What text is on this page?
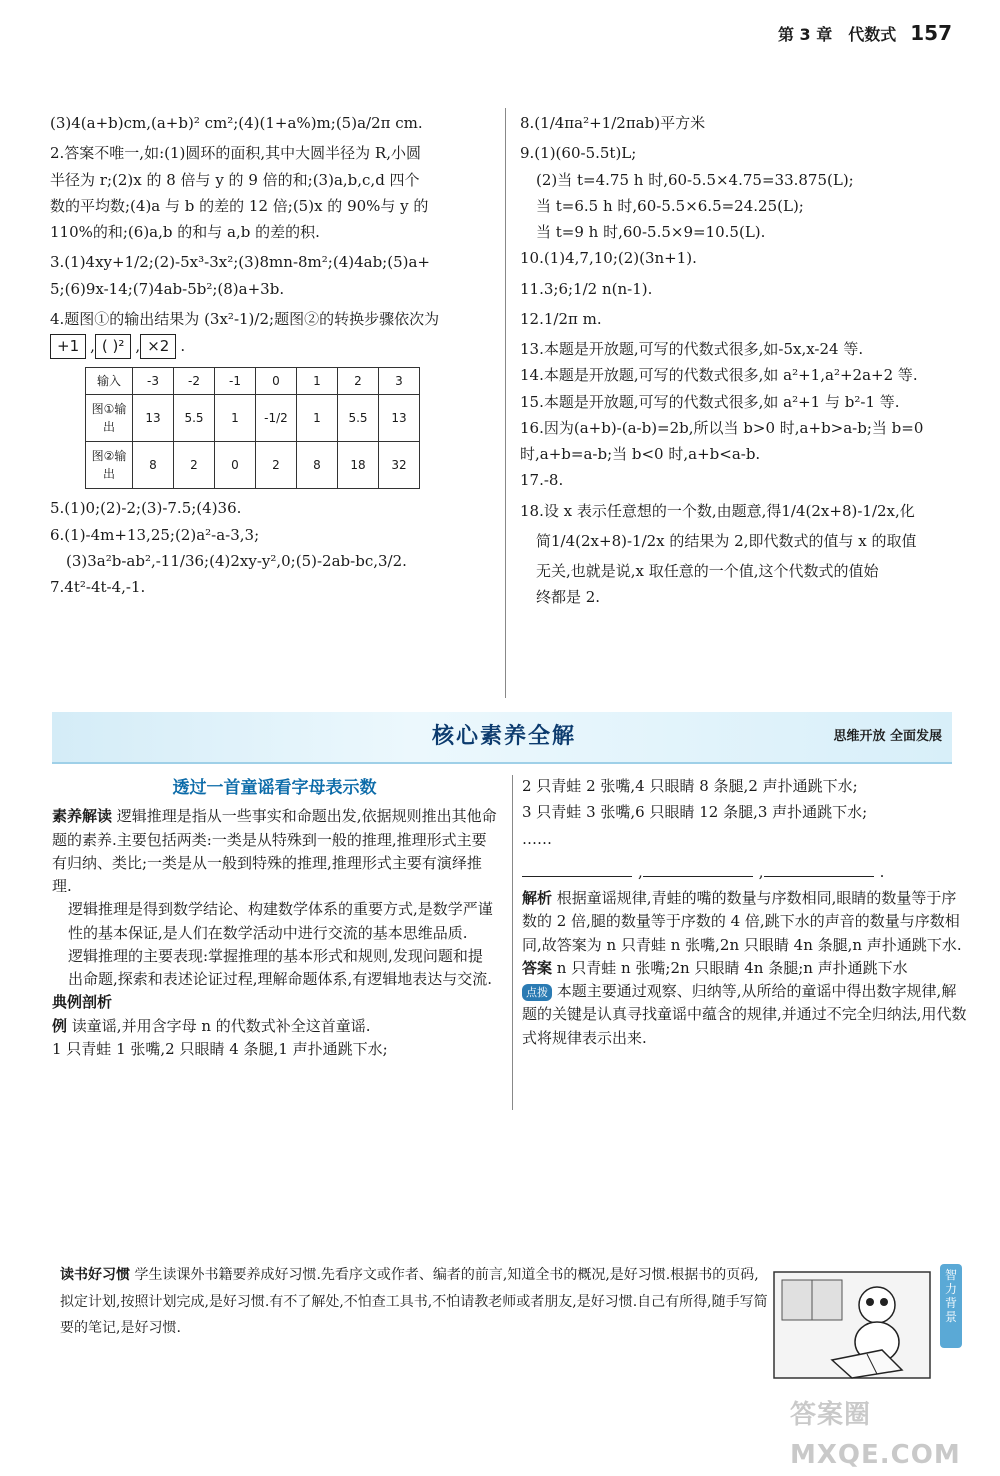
第 3 章　代数式 157
(3)4(a+b)cm,(a+b)² cm²;(4)(1+a%)m;(5)a/2π cm.
2.答案不唯一,如:(1)圆环的面积,其中大圆半径为 R,小圆
半径为 r;(2)x 的 8 倍与 y 的 9 倍的和;(3)a,b,c,d 四个
数的平均数;(4)a 与 b 的差的 12 倍;(5)x 的 90%与 y 的
110%的和;(6)a,b 的和与 a,b 的差的积.
3.(1)4xy+1/2;(2)-5x³-3x²;(3)8mn-8m²;(4)4ab;(5)a+
5;(6)9x-14;(7)4ab-5b²;(8)a+3b.
4.题图①的输出结果为 (3x²-1)/2;题图②的转换步骤依次为
+1 , ( )² , ×2 .
输入	-3	-2	-1	0	1	2	3
图①输出	13	5.5	1	-1/2	1	5.5	13
图②输出	8	2	0	2	8	18	32
5.(1)0;(2)-2;(3)-7.5;(4)36.
6.(1)-4m+13,25;(2)a²-a-3,3;
(3)3a²b-ab²,-11/36;(4)2xy-y²,0;(5)-2ab-bc,3/2.
7.4t²-4t-4,-1.
8.(1/4πa²+1/2πab)平方米
9.(1)(60-5.5t)L;
(2)当 t=4.75 h 时,60-5.5×4.75=33.875(L);
当 t=6.5 h 时,60-5.5×6.5=24.25(L);
当 t=9 h 时,60-5.5×9=10.5(L).
10.(1)4,7,10;(2)(3n+1).
11.3;6;1/2 n(n-1).
12.1/2π m.
13.本题是开放题,可写的代数式很多,如-5x,x-24 等.
14.本题是开放题,可写的代数式很多,如 a²+1,a²+2a+2 等.
15.本题是开放题,可写的代数式很多,如 a²+1 与 b²-1 等.
16.因为(a+b)-(a-b)=2b,所以当 b>0 时,a+b>a-b;当 b=0
时,a+b=a-b;当 b<0 时,a+b<a-b.
17.-8.
18.设 x 表示任意想的一个数,由题意,得1/4(2x+8)-1/2x,化
简1/4(2x+8)-1/2x 的结果为 2,即代数式的值与 x 的取值
无关,也就是说,x 取任意的一个值,这个代数式的值始
终都是 2.
核心素养全解	思维开放 全面发展
透过一首童谣看字母表示数
素养解读 逻辑推理是指从一些事实和命题出发,依据规则推出其他命题的素养.主要包括两类:一类是从特殊到一般的推理,推理形式主要有归纳、类比;一类是从一般到特殊的推理,推理形式主要有演绎推理.
逻辑推理是得到数学结论、构建数学体系的重要方式,是数学严谨性的基本保证,是人们在数学活动中进行交流的基本思维品质.
逻辑推理的主要表现:掌握推理的基本形式和规则,发现问题和提出命题,探索和表述论证过程,理解命题体系,有逻辑地表达与交流.
典例剖析
例 读童谣,并用含字母 n 的代数式补全这首童谣.
1 只青蛙 1 张嘴,2 只眼睛 4 条腿,1 声扑通跳下水;
2 只青蛙 2 张嘴,4 只眼睛 8 条腿,2 声扑通跳下水;
3 只青蛙 3 张嘴,6 只眼睛 12 条腿,3 声扑通跳下水;
……
,	,	.
解析 根据童谣规律,青蛙的嘴的数量与序数相同,眼睛的数量等于序数的 2 倍,腿的数量等于序数的 4 倍,跳下水的声音的数量与序数相同,故答案为 n 只青蛙 n 张嘴,2n 只眼睛 4n 条腿,n 声扑通跳下水.
答案 n 只青蛙 n 张嘴;2n 只眼睛 4n 条腿;n 声扑通跳下水
点拨 本题主要通过观察、归纳等,从所给的童谣中得出数字规律,解题的关键是认真寻找童谣中蕴含的规律,并通过不完全归纳法,用代数式将规律表示出来.
读书好习惯 学生读课外书籍要养成好习惯.先看序文或作者、编者的前言,知道全书的概况,是好习惯.根据书的页码,拟定计划,按照计划完成,是好习惯.有不了解处,不怕查工具书,不怕请教老师或者朋友,是好习惯.自己有所得,随手写简要的笔记,是好习惯.
智力背景
答案圈 MXQE.COM
